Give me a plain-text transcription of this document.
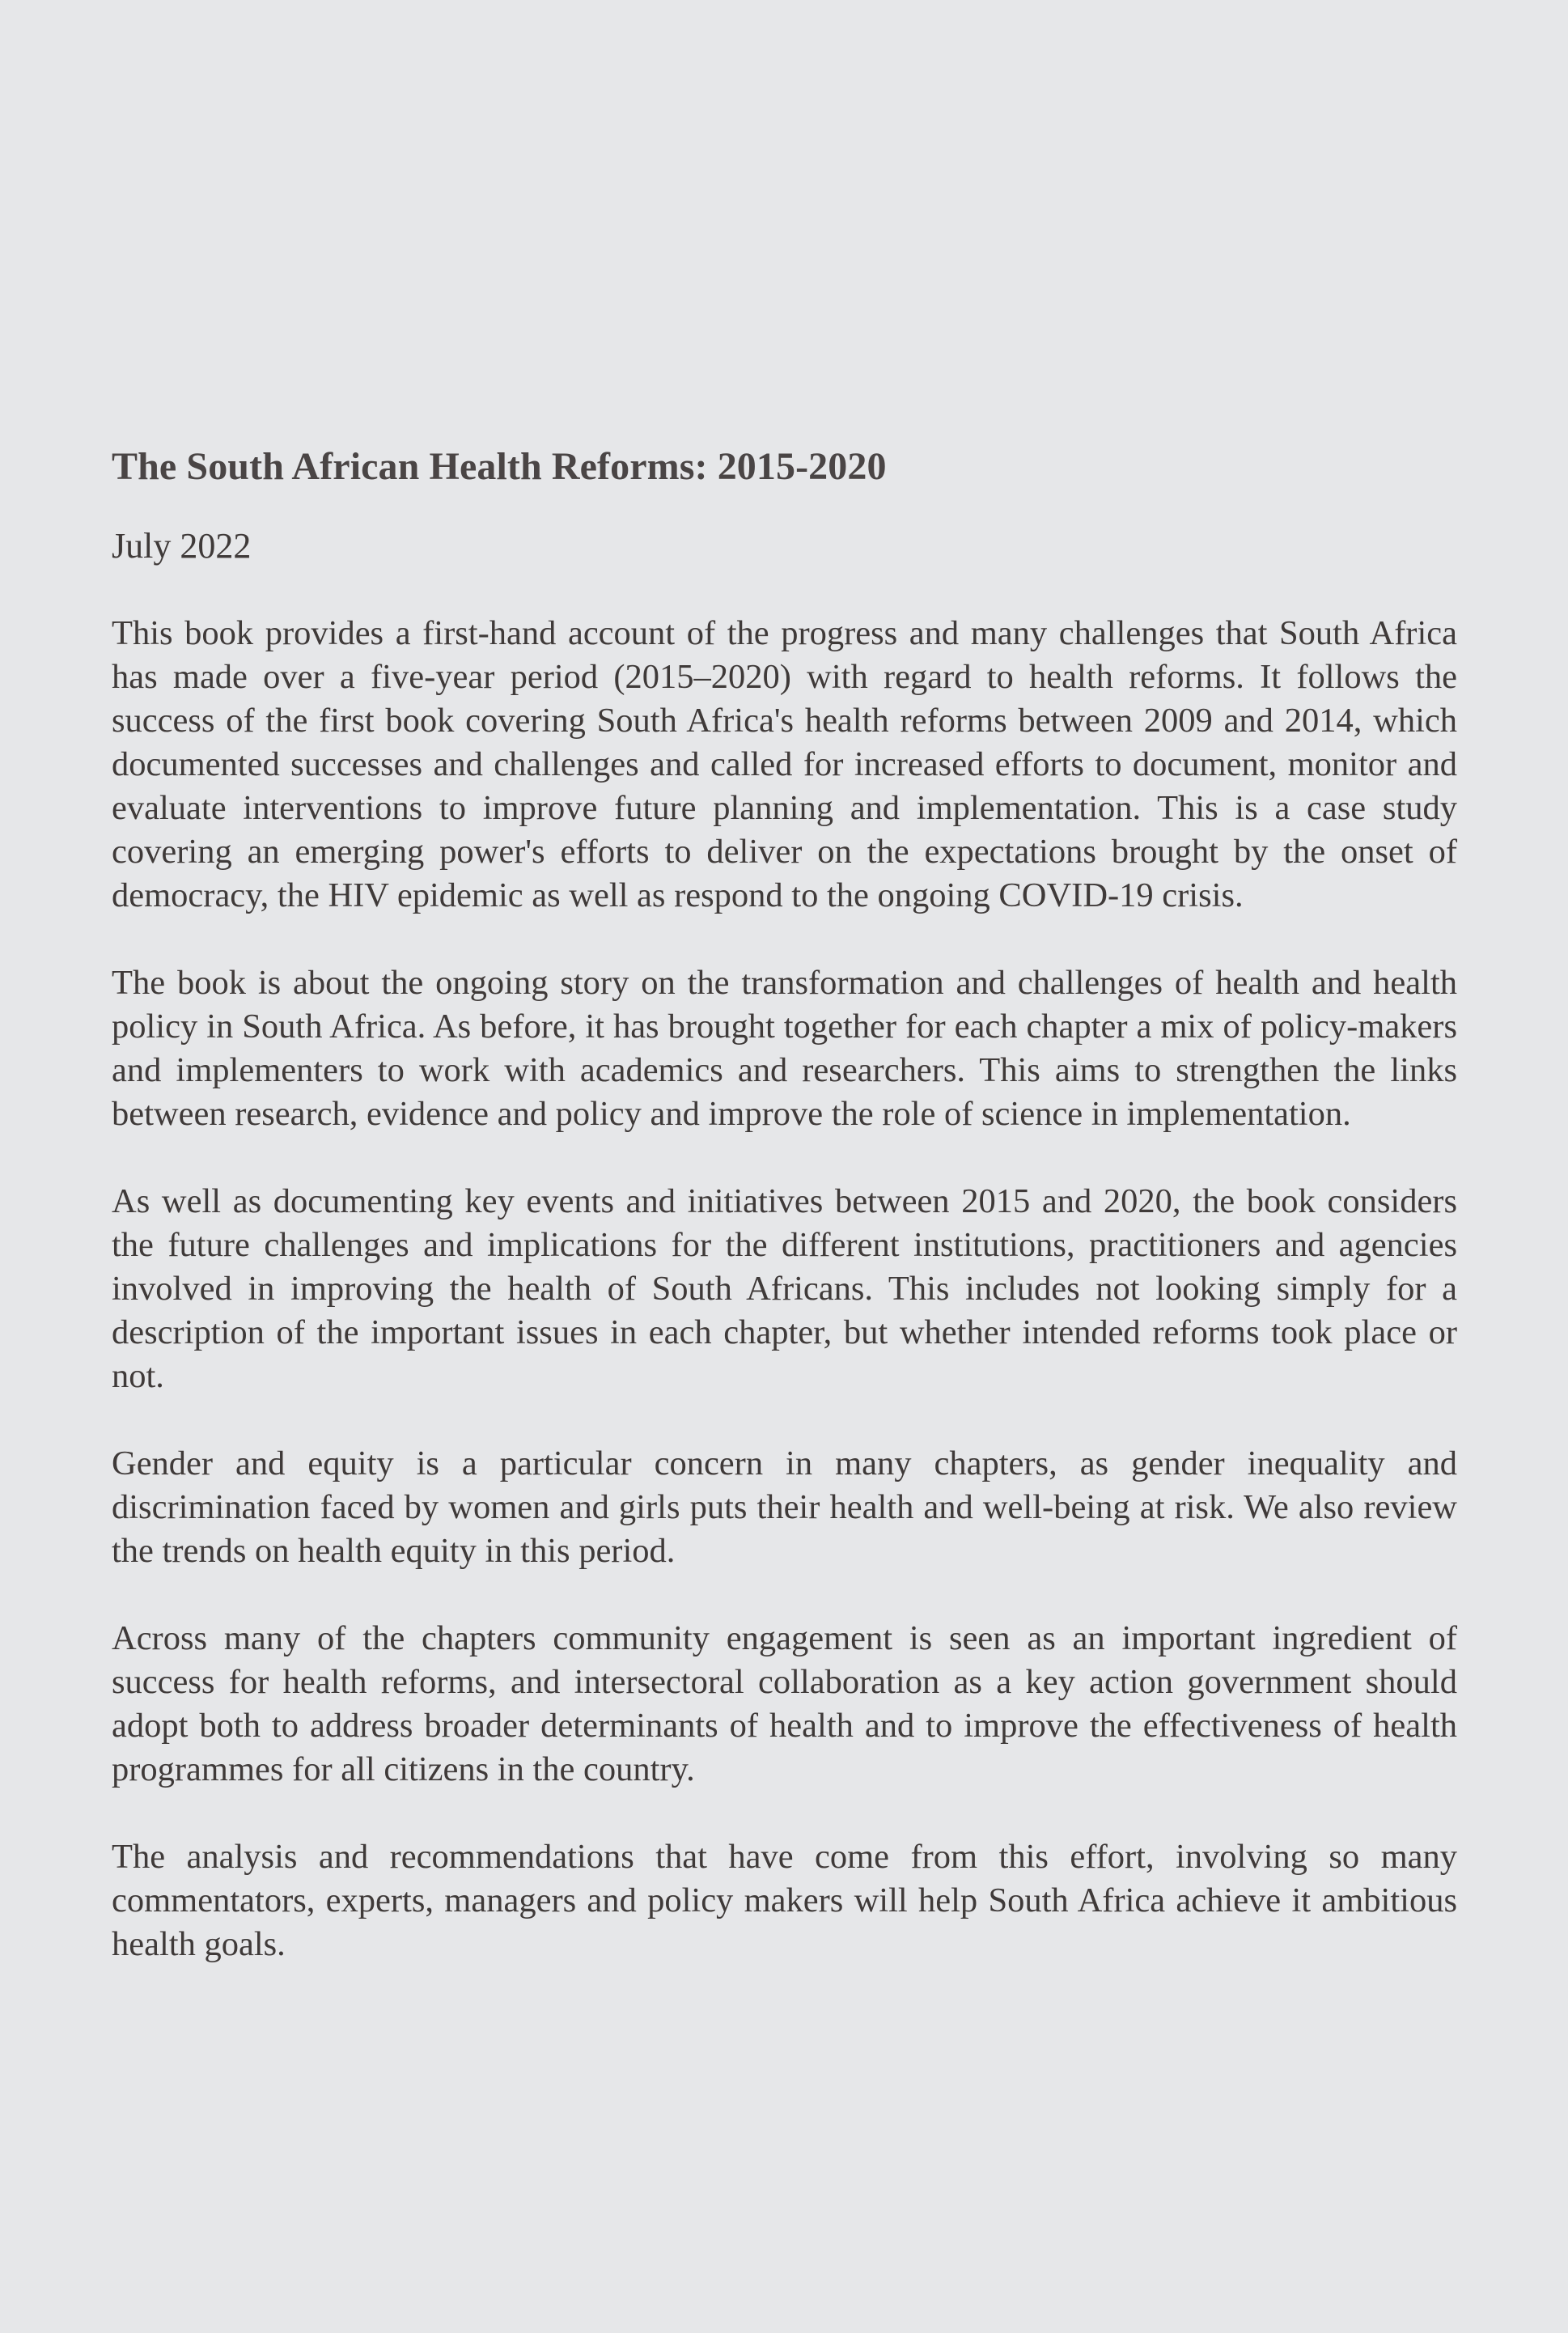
The South African Health Reforms: 2015-2020

July 2022

This book provides a first-hand account of the progress and many challenges that South Africa has made over a five-year period (2015–2020) with regard to health reforms. It follows the success of the first book covering South Africa's health reforms between 2009 and 2014, which documented successes and challenges and called for increased efforts to document, monitor and evaluate interventions to improve future planning and implementation. This is a case study covering an emerging power's efforts to deliver on the expectations brought by the onset of democracy, the HIV epidemic as well as respond to the ongoing COVID-19 crisis.

The book is about the ongoing story on the transformation and challenges of health and health policy in South Africa. As before, it has brought together for each chapter a mix of policy-makers and implementers to work with academics and researchers. This aims to strengthen the links between research, evidence and policy and improve the role of science in implementation.

As well as documenting key events and initiatives between 2015 and 2020, the book considers the future challenges and implications for the different institutions, practitioners and agencies involved in improving the health of South Africans. This includes not looking simply for a description of the important issues in each chapter, but whether intended reforms took place or not.

Gender and equity is a particular concern in many chapters, as gender inequality and discrimination faced by women and girls puts their health and well-being at risk. We also review the trends on health equity in this period.

Across many of the chapters community engagement is seen as an important ingredient of success for health reforms, and intersectoral collaboration as a key action government should adopt both to address broader determinants of health and to improve the effectiveness of health programmes for all citizens in the country.

The analysis and recommendations that have come from this effort, involving so many commentators, experts, managers and policy makers will help South Africa achieve it ambitious health goals.
